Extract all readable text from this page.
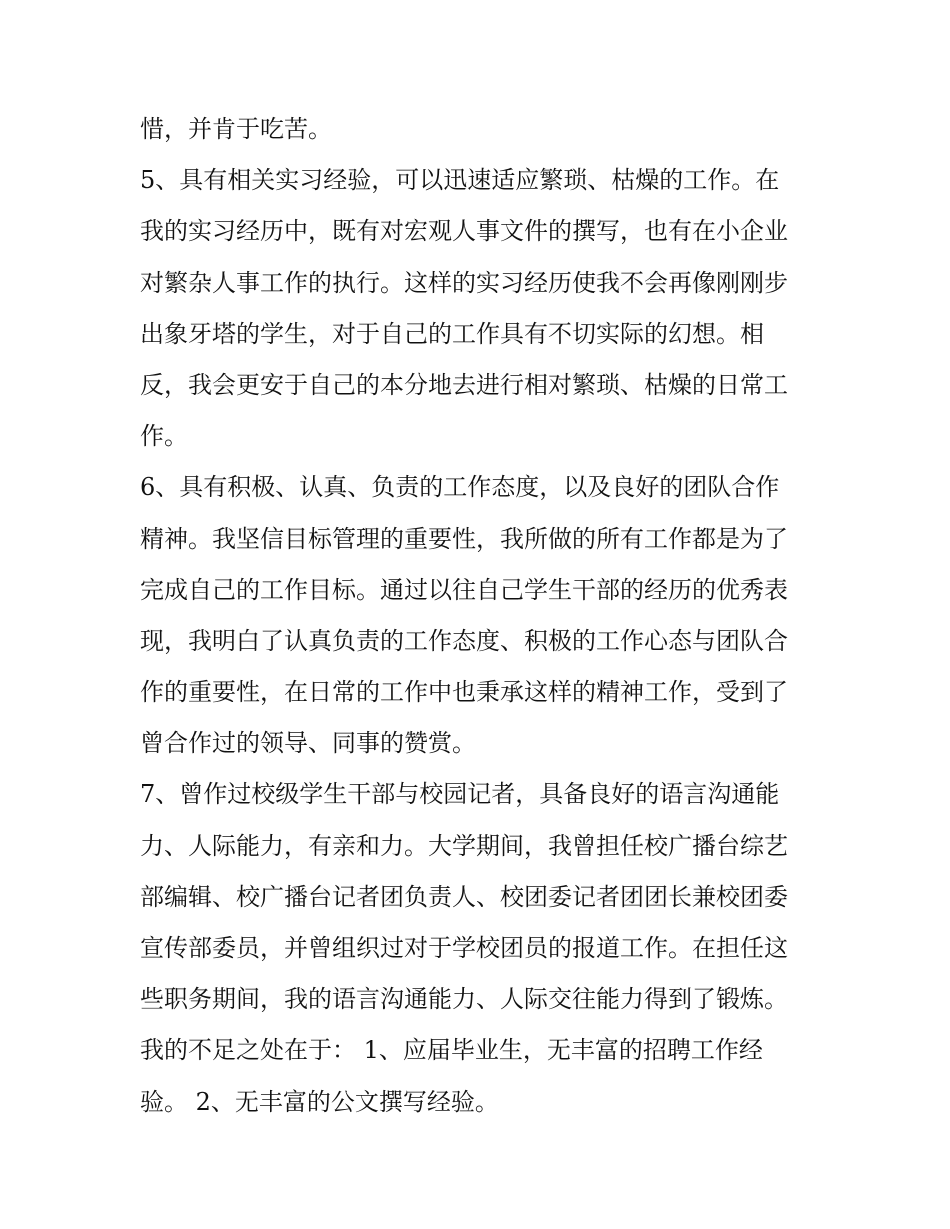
惜，并肯于吃苦。
5、具有相关实习经验，可以迅速适应繁琐、枯燥的工作。在
我的实习经历中，既有对宏观人事文件的撰写，也有在小企业
对繁杂人事工作的执行。这样的实习经历使我不会再像刚刚步
出象牙塔的学生，对于自己的工作具有不切实际的幻想。相
反，我会更安于自己的本分地去进行相对繁琐、枯燥的日常工
作。
6、具有积极、认真、负责的工作态度，以及良好的团队合作
精神。我坚信目标管理的重要性，我所做的所有工作都是为了
完成自己的工作目标。通过以往自己学生干部的经历的优秀表
现，我明白了认真负责的工作态度、积极的工作心态与团队合
作的重要性，在日常的工作中也秉承这样的精神工作，受到了
曾合作过的领导、同事的赞赏。
7、曾作过校级学生干部与校园记者，具备良好的语言沟通能
力、人际能力，有亲和力。大学期间，我曾担任校广播台综艺
部编辑、校广播台记者团负责人、校团委记者团团长兼校团委
宣传部委员，并曾组织过对于学校团员的报道工作。在担任这
些职务期间，我的语言沟通能力、人际交往能力得到了锻炼。
我的不足之处在于： 1、应届毕业生，无丰富的招聘工作经
验。 2、无丰富的公文撰写经验。
